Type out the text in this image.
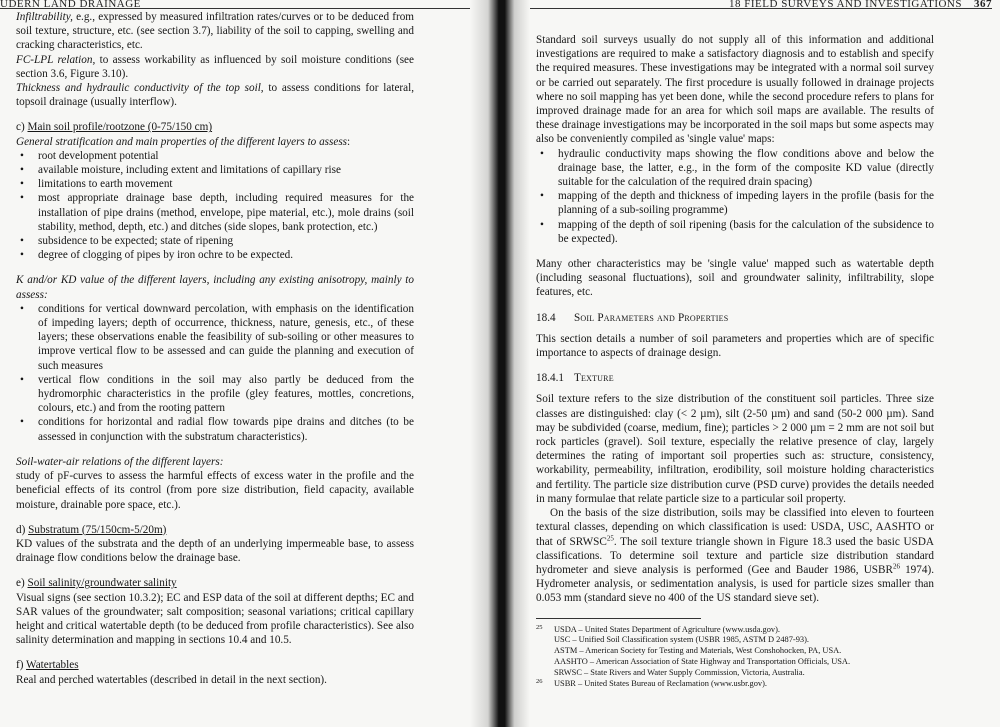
UDERN LAND DRAINAGE

Infiltrability, e.g., expressed by measured infiltration rates/curves or to be deduced from soil texture, structure, etc. (see section 3.7), liability of the soil to capping, swelling and cracking characteristics, etc.

FC-LPL relation, to assess workability as influenced by soil moisture conditions (see section 3.6, Figure 3.10).

Thickness and hydraulic conductivity of the top soil, to assess conditions for lateral, topsoil drainage (usually interflow).

c) Main soil profile/rootzone (0-75/150 cm)

General stratification and main properties of the different layers to assess:

• root development potential
• available moisture, including extent and limitations of capillary rise
• limitations to earth movement
• most appropriate drainage base depth, including required measures for the installation of pipe drains (method, envelope, pipe material, etc.), mole drains (soil stability, method, depth, etc.) and ditches (side slopes, bank protection, etc.)
• subsidence to be expected; state of ripening
• degree of clogging of pipes by iron ochre to be expected.

K and/or KD value of the different layers, including any existing anisotropy, mainly to assess:

• conditions for vertical downward percolation, with emphasis on the identification of impeding layers; depth of occurrence, thickness, nature, genesis, etc., of these layers; these observations enable the feasibility of sub-soiling or other measures to improve vertical flow to be assessed and can guide the planning and execution of such measures
• vertical flow conditions in the soil may also partly be deduced from the hydromorphic characteristics in the profile (gley features, mottles, concretions, colours, etc.) and from the rooting pattern
• conditions for horizontal and radial flow towards pipe drains and ditches (to be assessed in conjunction with the substratum characteristics).

Soil-water-air relations of the different layers:

study of pF-curves to assess the harmful effects of excess water in the profile and the beneficial effects of its control (from pore size distribution, field capacity, available moisture, drainable pore space, etc.).

d) Substratum (75/150cm-5/20m)

KD values of the substrata and the depth of an underlying impermeable base, to assess drainage flow conditions below the drainage base.

e) Soil salinity/groundwater salinity

Visual signs (see section 10.3.2); EC and ESP data of the soil at different depths; EC and SAR values of the groundwater; salt composition; seasonal variations; critical capillary height and critical watertable depth (to be deduced from profile characteristics). See also salinity determination and mapping in sections 10.4 and 10.5.

f) Watertables

Real and perched watertables (described in detail in the next section).

18 FIELD SURVEYS AND INVESTIGATIONS 367

Standard soil surveys usually do not supply all of this information and additional investigations are required to make a satisfactory diagnosis and to establish and specify the required measures. These investigations may be integrated with a normal soil survey or be carried out separately. The first procedure is usually followed in drainage projects where no soil mapping has yet been done, while the second procedure refers to plans for improved drainage made for an area for which soil maps are available. The results of these drainage investigations may be incorporated in the soil maps but some aspects may also be conveniently compiled as 'single value' maps:

• hydraulic conductivity maps showing the flow conditions above and below the drainage base, the latter, e.g., in the form of the composite KD value (directly suitable for the calculation of the required drain spacing)
• mapping of the depth and thickness of impeding layers in the profile (basis for the planning of a sub-soiling programme)
• mapping of the depth of soil ripening (basis for the calculation of the subsidence to be expected).

Many other characteristics may be 'single value' mapped such as watertable depth (including seasonal fluctuations), soil and groundwater salinity, infiltrability, slope features, etc.

18.4 Soil Parameters and Properties

This section details a number of soil parameters and properties which are of specific importance to aspects of drainage design.

18.4.1 Texture

Soil texture refers to the size distribution of the constituent soil particles. Three size classes are distinguished: clay (< 2 µm), silt (2-50 µm) and sand (50-2 000 µm). Sand may be subdivided (coarse, medium, fine); particles > 2 000 µm = 2 mm are not soil but rock particles (gravel). Soil texture, especially the relative presence of clay, largely determines the rating of important soil properties such as: structure, consistency, workability, permeability, infiltration, erodibility, soil moisture holding characteristics and fertility. The particle size distribution curve (PSD curve) provides the details needed in many formulae that relate particle size to a particular soil property.

On the basis of the size distribution, soils may be classified into eleven to fourteen textural classes, depending on which classification is used: USDA, USC, AASHTO or that of SRWSC$^{25}$. The soil texture triangle shown in Figure 18.3 used the basic USDA classifications. To determine soil texture and particle size distribution standard hydrometer and sieve analysis is performed (Gee and Bauder 1986, USBR$^{26}$ 1974). Hydrometer analysis, or sedimentation analysis, is used for particle sizes smaller than 0.053 mm (standard sieve no 400 of the US standard sieve set).

25 USDA – United States Department of Agriculture (www.usda.gov).
USC – Unified Soil Classification system (USBR 1985, ASTM D 2487-93).
ASTM – American Society for Testing and Materials, West Conshohocken, PA, USA.
AASHTO – American Association of State Highway and Transportation Officials, USA.
SRWSC – State Rivers and Water Supply Commission, Victoria, Australia.
26 USBR – United States Bureau of Reclamation (www.usbr.gov).
